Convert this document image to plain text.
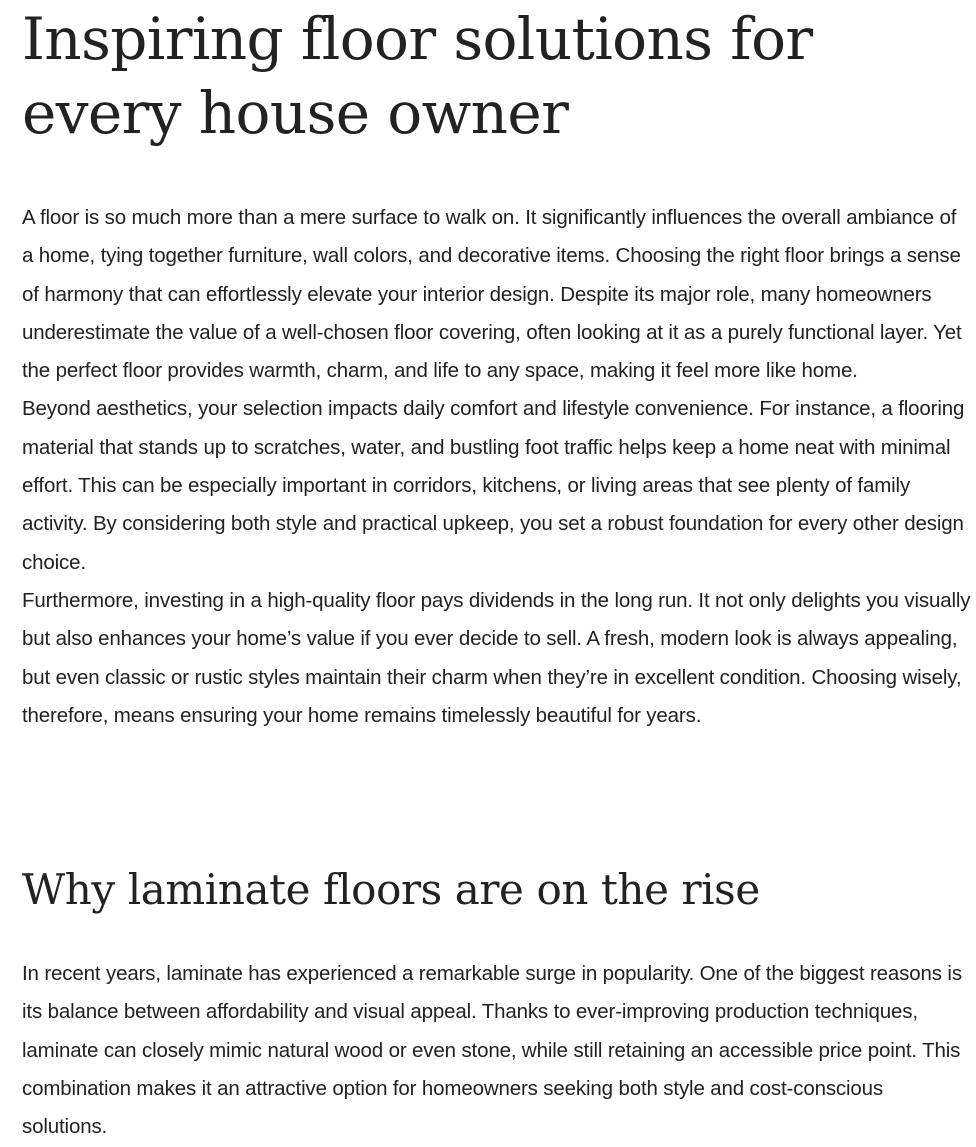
Inspiring floor solutions for every house owner

A floor is so much more than a mere surface to walk on. It significantly influences the overall ambiance of a home, tying together furniture, wall colors, and decorative items. Choosing the right floor brings a sense of harmony that can effortlessly elevate your interior design. Despite its major role, many homeowners underestimate the value of a well-chosen floor covering, often looking at it as a purely functional layer. Yet the perfect floor provides warmth, charm, and life to any space, making it feel more like home.

Beyond aesthetics, your selection impacts daily comfort and lifestyle convenience. For instance, a flooring material that stands up to scratches, water, and bustling foot traffic helps keep a home neat with minimal effort. This can be especially important in corridors, kitchens, or living areas that see plenty of family activity. By considering both style and practical upkeep, you set a robust foundation for every other design choice.

Furthermore, investing in a high-quality floor pays dividends in the long run. It not only delights you visually but also enhances your home’s value if you ever decide to sell. A fresh, modern look is always appealing, but even classic or rustic styles maintain their charm when they’re in excellent condition. Choosing wisely, therefore, means ensuring your home remains timelessly beautiful for years.

Why laminate floors are on the rise

In recent years, laminate has experienced a remarkable surge in popularity. One of the biggest reasons is its balance between affordability and visual appeal. Thanks to ever-improving production techniques, laminate can closely mimic natural wood or even stone, while still retaining an accessible price point. This combination makes it an attractive option for homeowners seeking both style and cost-conscious solutions.
